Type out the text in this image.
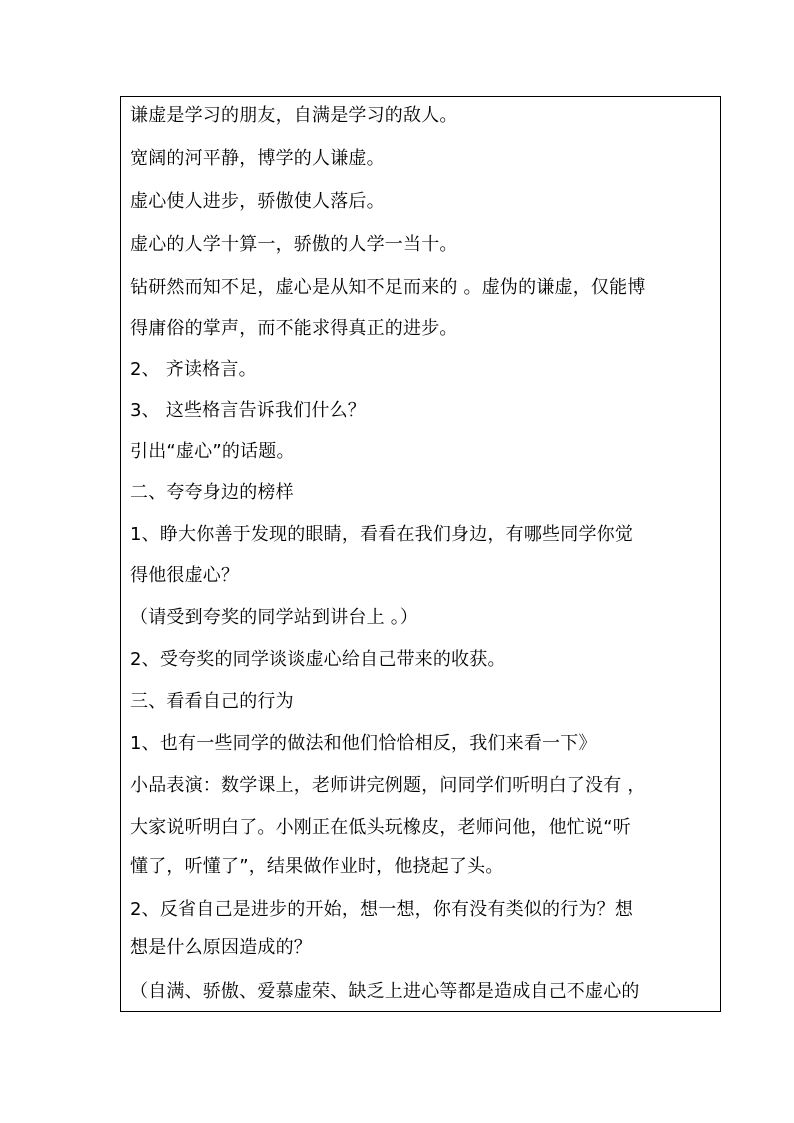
谦虚是学习的朋友，自满是学习的敌人。
宽阔的河平静，博学的人谦虚。
虚心使人进步，骄傲使人落后。
虚心的人学十算一，骄傲的人学一当十。
钻研然而知不足，虚心是从知不足而来的 。虚伪的谦虚，仅能博
得庸俗的掌声，而不能求得真正的进步。
2、 齐读格言。
3、 这些格言告诉我们什么？
引出“虚心”的话题。
二、夸夸身边的榜样
1、睁大你善于发现的眼睛，看看在我们身边，有哪些同学你觉
得他很虚心？
（请受到夸奖的同学站到讲台上 。）
2、受夸奖的同学谈谈虚心给自己带来的收获。
三、看看自己的行为
1、也有一些同学的做法和他们恰恰相反，我们来看一下》
小品表演：数学课上，老师讲完例题，问同学们听明白了没有 ，
大家说听明白了。小刚正在低头玩橡皮，老师问他，他忙说“听
懂了，听懂了”，结果做作业时，他挠起了头。
2、反省自己是进步的开始，想一想，你有没有类似的行为？想
想是什么原因造成的？
（自满、骄傲、爱慕虚荣、缺乏上进心等都是造成自己不虚心的
